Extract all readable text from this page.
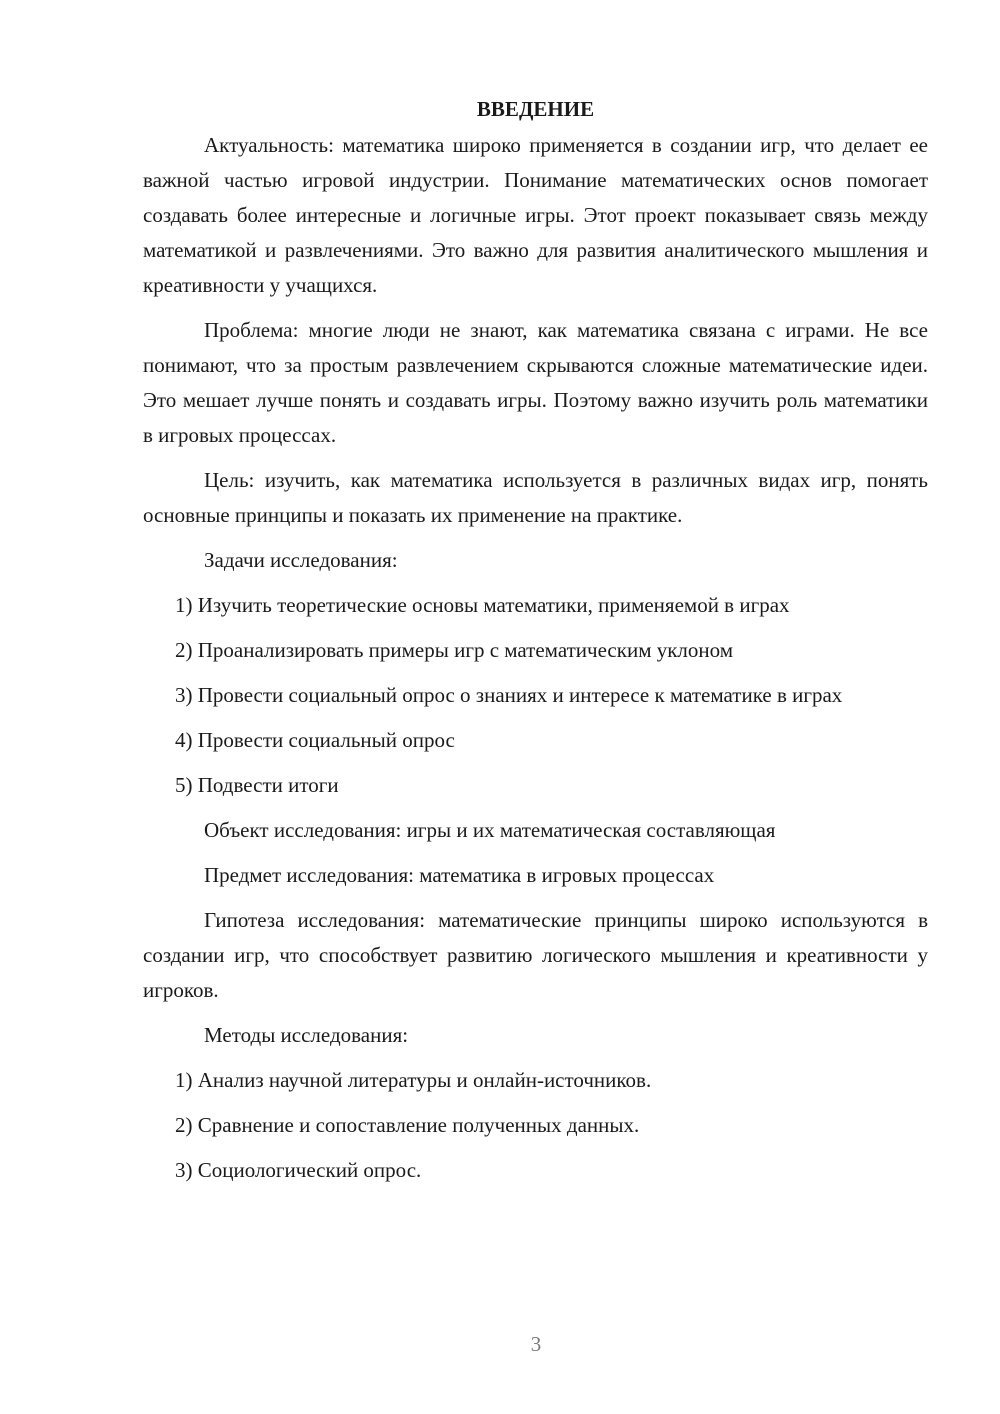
ВВЕДЕНИЕ
Актуальность: математика широко применяется в создании игр, что делает ее важной частью игровой индустрии. Понимание математических основ помогает создавать более интересные и логичные игры. Этот проект показывает связь между математикой и развлечениями. Это важно для развития аналитического мышления и креативности у учащихся.
Проблема: многие люди не знают, как математика связана с играми. Не все понимают, что за простым развлечением скрываются сложные математические идеи. Это мешает лучше понять и создавать игры. Поэтому важно изучить роль математики в игровых процессах.
Цель: изучить, как математика используется в различных видах игр, понять основные принципы и показать их применение на практике.
Задачи исследования:
1) Изучить теоретические основы математики, применяемой в играх
2) Проанализировать примеры игр с математическим уклоном
3) Провести социальный опрос о знаниях и интересе к математике в играх
4) Провести социальный опрос
5) Подвести итоги
Объект исследования: игры и их математическая составляющая
Предмет исследования: математика в игровых процессах
Гипотеза исследования: математические принципы широко используются в создании игр, что способствует развитию логического мышления и креативности у игроков.
Методы исследования:
1) Анализ научной литературы и онлайн-источников.
2) Сравнение и сопоставление полученных данных.
3) Социологический опрос.
3
